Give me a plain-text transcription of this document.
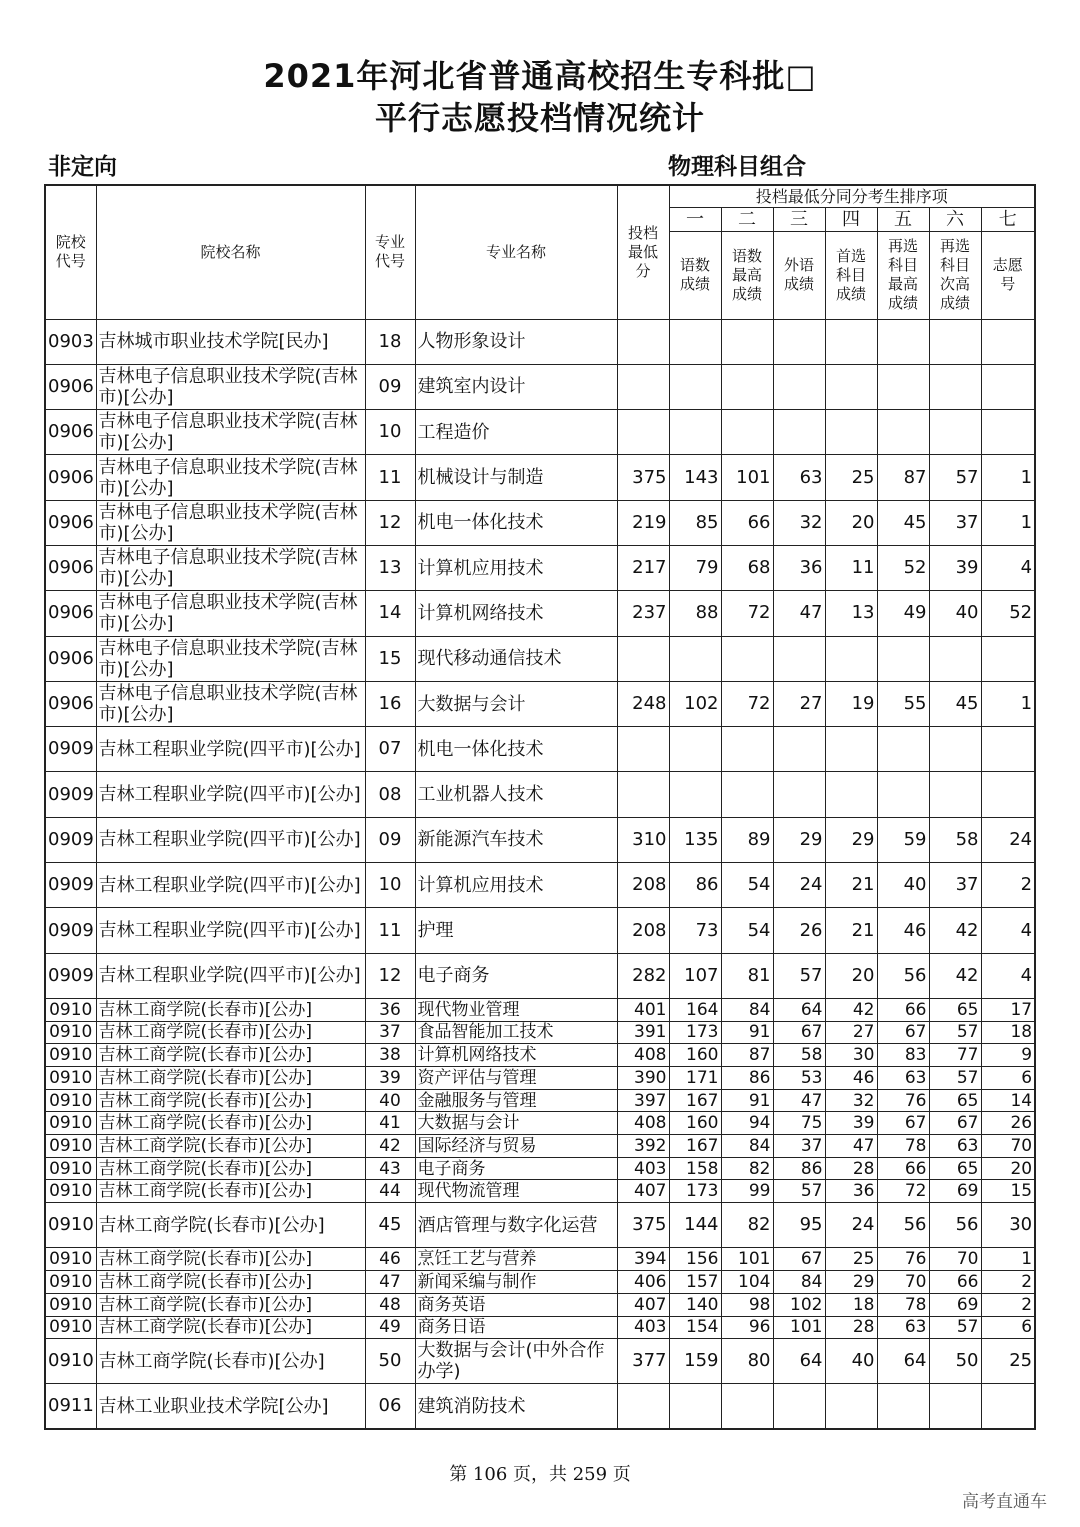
2021年河北省普通高校招生专科批□
平行志愿投档情况统计
非定向	物理科目组合
院校代号	院校名称	专业代号	专业名称	投档最低分	投档最低分同分考生排序项						
					一	二	三	四	五	六	七
					语数成绩	语数最高成绩	外语成绩	首选科目成绩	再选科目最高成绩	再选科目次高成绩	志愿号
0903	吉林城市职业技术学院[民办]	18	人物形象设计								
0906	吉林电子信息职业技术学院(吉林市)[公办]	09	建筑室内设计								
0906	吉林电子信息职业技术学院(吉林市)[公办]	10	工程造价								
0906	吉林电子信息职业技术学院(吉林市)[公办]	11	机械设计与制造	375	143	101	63	25	87	57	1
0906	吉林电子信息职业技术学院(吉林市)[公办]	12	机电一体化技术	219	85	66	32	20	45	37	1
0906	吉林电子信息职业技术学院(吉林市)[公办]	13	计算机应用技术	217	79	68	36	11	52	39	4
0906	吉林电子信息职业技术学院(吉林市)[公办]	14	计算机网络技术	237	88	72	47	13	49	40	52
0906	吉林电子信息职业技术学院(吉林市)[公办]	15	现代移动通信技术								
0906	吉林电子信息职业技术学院(吉林市)[公办]	16	大数据与会计	248	102	72	27	19	55	45	1
0909	吉林工程职业学院(四平市)[公办]	07	机电一体化技术								
0909	吉林工程职业学院(四平市)[公办]	08	工业机器人技术								
0909	吉林工程职业学院(四平市)[公办]	09	新能源汽车技术	310	135	89	29	29	59	58	24
0909	吉林工程职业学院(四平市)[公办]	10	计算机应用技术	208	86	54	24	21	40	37	2
0909	吉林工程职业学院(四平市)[公办]	11	护理	208	73	54	26	21	46	42	4
0909	吉林工程职业学院(四平市)[公办]	12	电子商务	282	107	81	57	20	56	42	4
0910	吉林工商学院(长春市)[公办]	36	现代物业管理	401	164	84	64	42	66	65	17
0910	吉林工商学院(长春市)[公办]	37	食品智能加工技术	391	173	91	67	27	67	57	18
0910	吉林工商学院(长春市)[公办]	38	计算机网络技术	408	160	87	58	30	83	77	9
0910	吉林工商学院(长春市)[公办]	39	资产评估与管理	390	171	86	53	46	63	57	6
0910	吉林工商学院(长春市)[公办]	40	金融服务与管理	397	167	91	47	32	76	65	14
0910	吉林工商学院(长春市)[公办]	41	大数据与会计	408	160	94	75	39	67	67	26
0910	吉林工商学院(长春市)[公办]	42	国际经济与贸易	392	167	84	37	47	78	63	70
0910	吉林工商学院(长春市)[公办]	43	电子商务	403	158	82	86	28	66	65	20
0910	吉林工商学院(长春市)[公办]	44	现代物流管理	407	173	99	57	36	72	69	15
0910	吉林工商学院(长春市)[公办]	45	酒店管理与数字化运营	375	144	82	95	24	56	56	30
0910	吉林工商学院(长春市)[公办]	46	烹饪工艺与营养	394	156	101	67	25	76	70	1
0910	吉林工商学院(长春市)[公办]	47	新闻采编与制作	406	157	104	84	29	70	66	2
0910	吉林工商学院(长春市)[公办]	48	商务英语	407	140	98	102	18	78	69	2
0910	吉林工商学院(长春市)[公办]	49	商务日语	403	154	96	101	28	63	57	6
0910	吉林工商学院(长春市)[公办]	50	大数据与会计(中外合作办学)	377	159	80	64	40	64	50	25
0911	吉林工业职业技术学院[公办]	06	建筑消防技术								
第 106 页，共 259 页
高考直通车
